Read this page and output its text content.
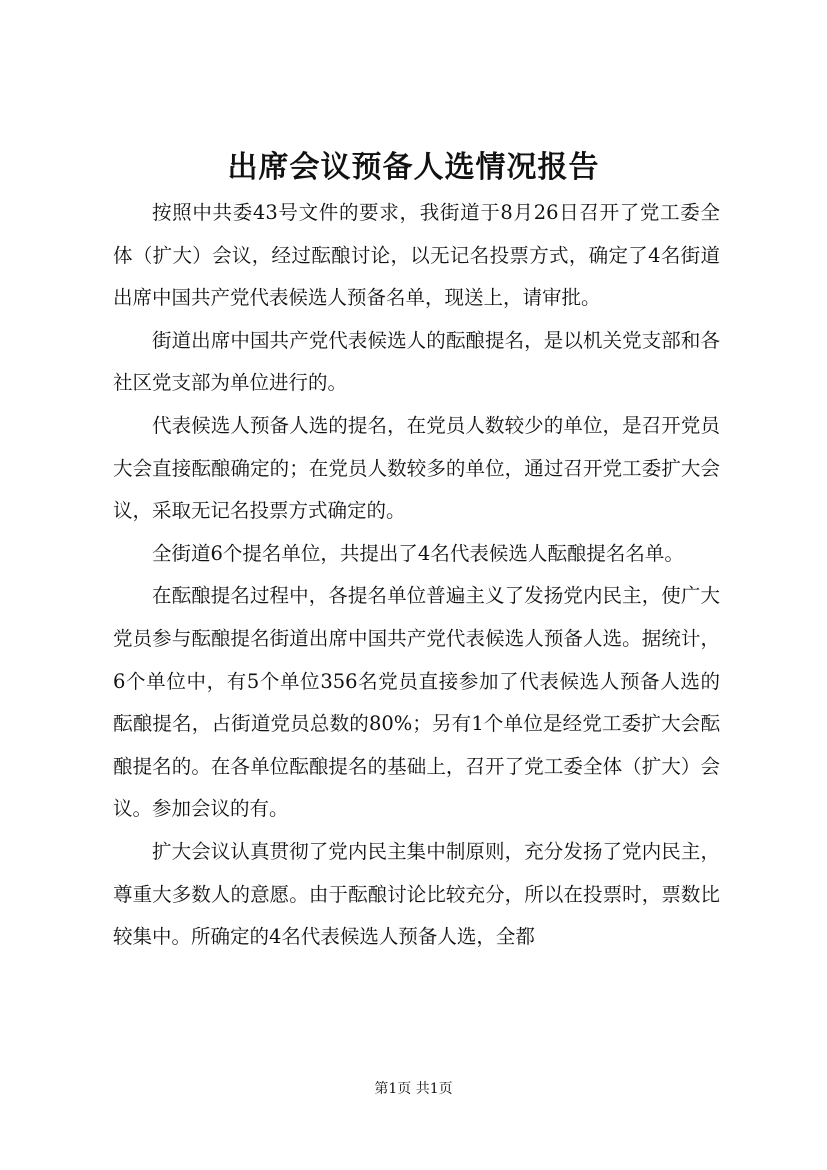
出席会议预备人选情况报告

按照中共委43号文件的要求，我街道于8月26日召开了党工委全体（扩大）会议，经过酝酿讨论，以无记名投票方式，确定了4名街道出席中国共产党代表候选人预备名单，现送上，请审批。

街道出席中国共产党代表候选人的酝酿提名，是以机关党支部和各社区党支部为单位进行的。

代表候选人预备人选的提名，在党员人数较少的单位，是召开党员大会直接酝酿确定的；在党员人数较多的单位，通过召开党工委扩大会议，采取无记名投票方式确定的。

全街道6个提名单位，共提出了4名代表候选人酝酿提名名单。

在酝酿提名过程中，各提名单位普遍主义了发扬党内民主，使广大党员参与酝酿提名街道出席中国共产党代表候选人预备人选。据统计，6个单位中，有5个单位356名党员直接参加了代表候选人预备人选的酝酿提名，占街道党员总数的80%；另有1个单位是经党工委扩大会酝酿提名的。在各单位酝酿提名的基础上，召开了党工委全体（扩大）会议。参加会议的有。

扩大会议认真贯彻了党内民主集中制原则，充分发扬了党内民主，尊重大多数人的意愿。由于酝酿讨论比较充分，所以在投票时，票数比较集中。所确定的4名代表候选人预备人选，全都

第1页 共1页
